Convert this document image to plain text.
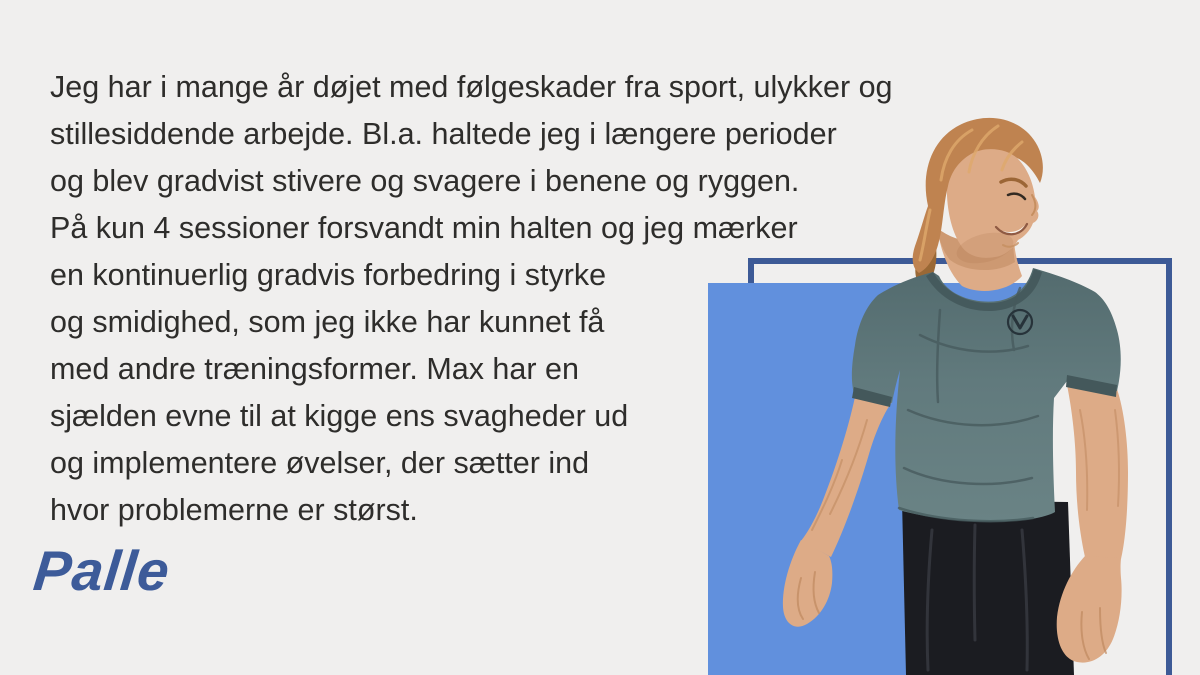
Jeg har i mange år døjet med følgeskader fra sport, ulykker og
stillesiddende arbejde. Bl.a. haltede jeg i længere perioder
og blev gradvist stivere og svagere i benene og ryggen.
På kun 4 sessioner forsvandt min halten og jeg mærker
en kontinuerlig gradvis forbedring i styrke
og smidighed, som jeg ikke har kunnet få
med andre træningsformer. Max har en
sjælden evne til at kigge ens svagheder ud
og implementere øvelser, der sætter ind
hvor problemerne er størst.
Palle
